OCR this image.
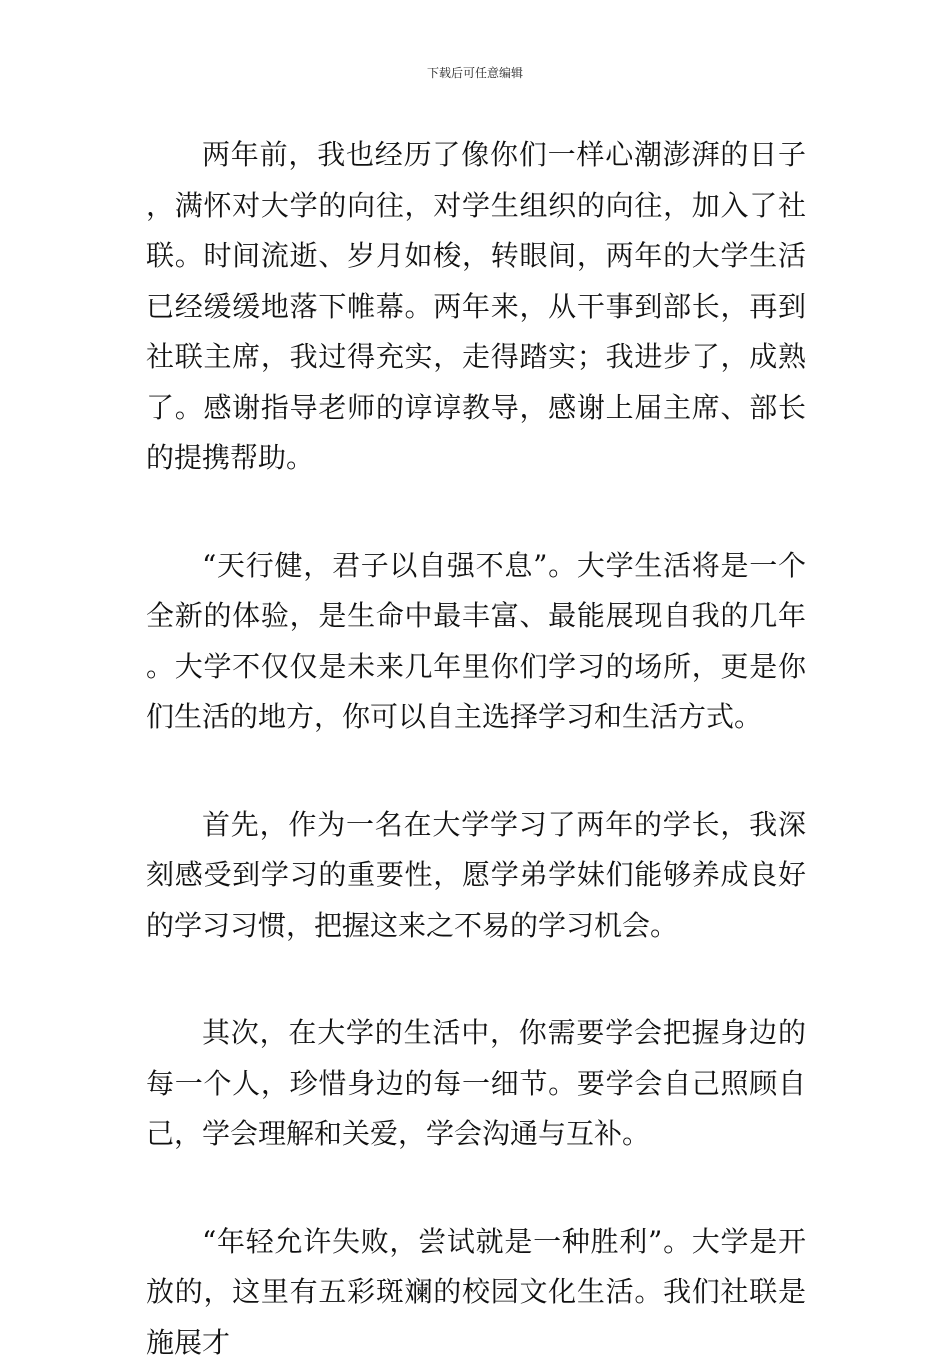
下载后可任意编辑

两年前，我也经历了像你们一样心潮澎湃的日子，满怀对大学的向往，对学生组织的向往，加入了社联。时间流逝、岁月如梭，转眼间，两年的大学生活已经缓缓地落下帷幕。两年来，从干事到部长，再到社联主席，我过得充实，走得踏实；我进步了，成熟了。感谢指导老师的谆谆教导，感谢上届主席、部长的提携帮助。

“天行健，君子以自强不息”。大学生活将是一个全新的体验，是生命中最丰富、最能展现自我的几年。大学不仅仅是未来几年里你们学习的场所，更是你们生活的地方，你可以自主选择学习和生活方式。

首先，作为一名在大学学习了两年的学长，我深刻感受到学习的重要性，愿学弟学妹们能够养成良好的学习习惯，把握这来之不易的学习机会。

其次，在大学的生活中，你需要学会把握身边的每一个人，珍惜身边的每一细节。要学会自己照顾自己，学会理解和关爱，学会沟通与互补。

“年轻允许失败，尝试就是一种胜利”。大学是开放的，这里有五彩斑斓的校园文化生活。我们社联是施展才
